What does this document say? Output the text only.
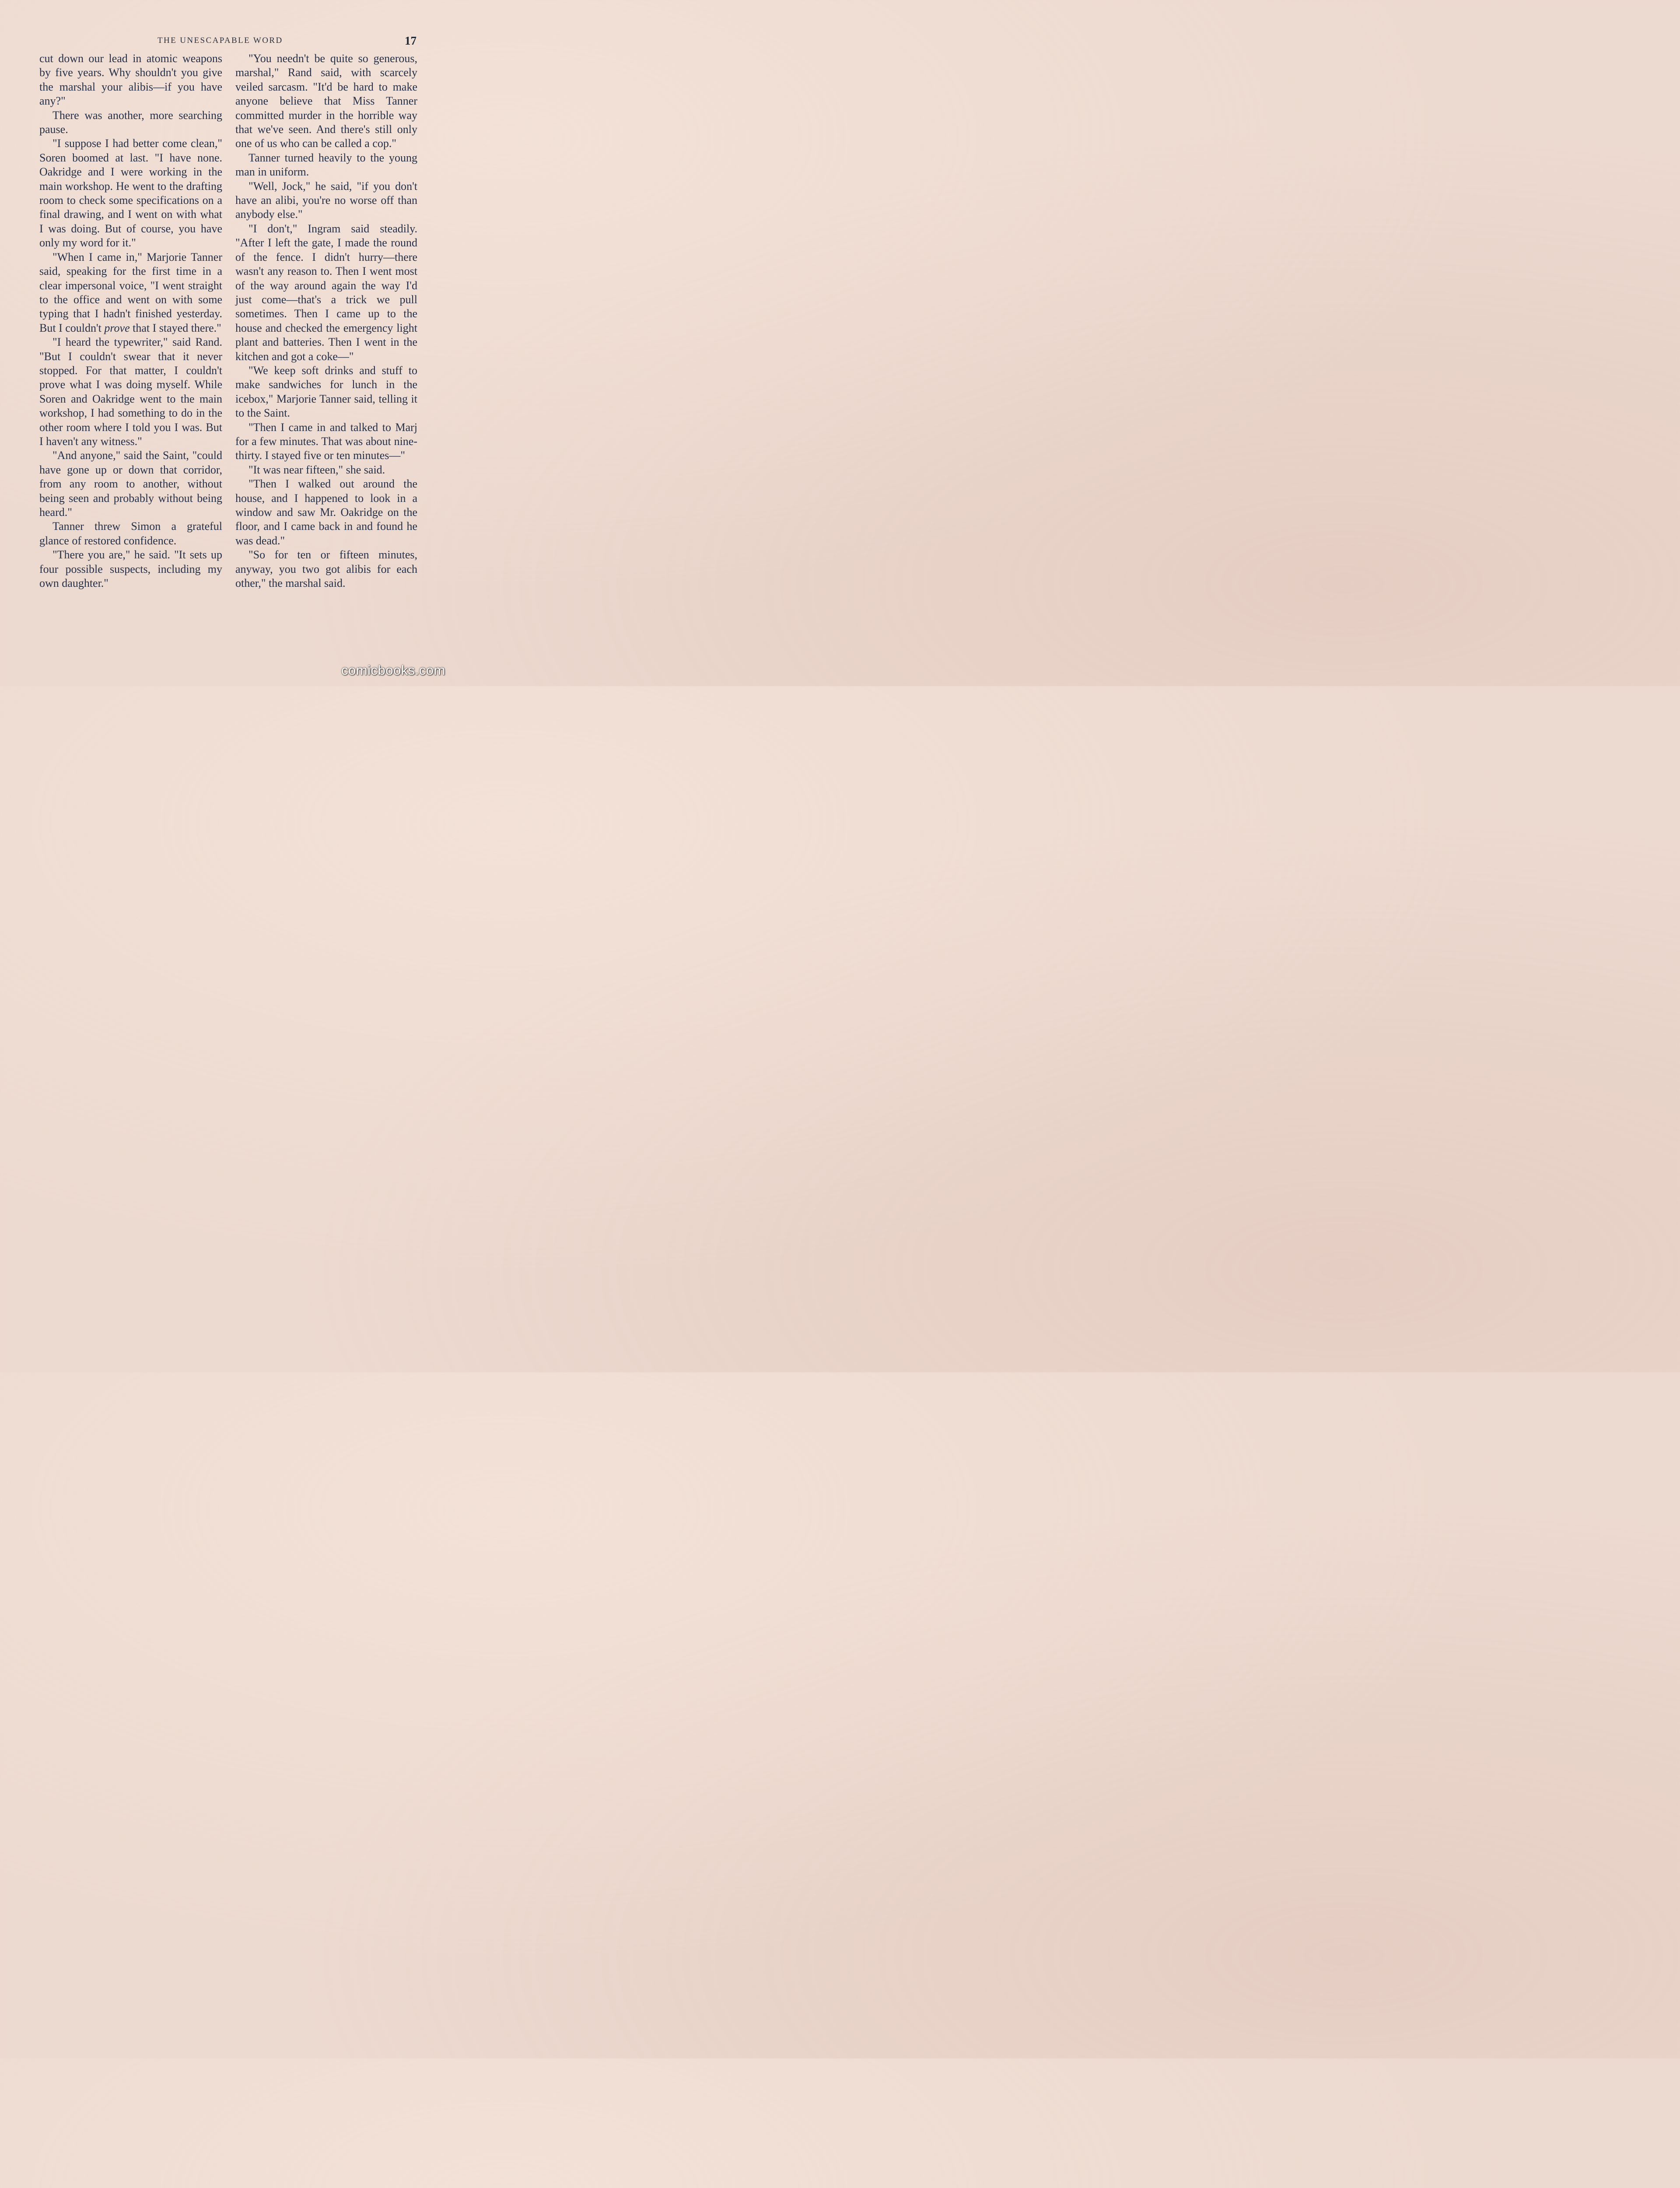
THE UNESCAPABLE WORD	17

cut down our lead in atomic weapons by five years. Why shouldn't you give the marshal your alibis—if you have any?"

There was another, more searching pause.

"I suppose I had better come clean," Soren boomed at last. "I have none. Oakridge and I were working in the main workshop. He went to the drafting room to check some specifications on a final drawing, and I went on with what I was doing. But of course, you have only my word for it."

"When I came in," Marjorie Tanner said, speaking for the first time in a clear impersonal voice, "I went straight to the office and went on with some typing that I hadn't finished yesterday. But I couldn't prove that I stayed there."

"I heard the typewriter," said Rand. "But I couldn't swear that it never stopped. For that matter, I couldn't prove what I was doing myself. While Soren and Oakridge went to the main workshop, I had something to do in the other room where I told you I was. But I haven't any witness."

"And anyone," said the Saint, "could have gone up or down that corridor, from any room to another, without being seen and probably without being heard."

Tanner threw Simon a grateful glance of restored confidence.

"There you are," he said. "It sets up four possible suspects, including my own daughter."

"You needn't be quite so generous, marshal," Rand said, with scarcely veiled sarcasm. "It'd be hard to make anyone believe that Miss Tanner committed murder in the horrible way that we've seen. And there's still only one of us who can be called a cop."

Tanner turned heavily to the young man in uniform.

"Well, Jock," he said, "if you don't have an alibi, you're no worse off than anybody else."

"I don't," Ingram said steadily. "After I left the gate, I made the round of the fence. I didn't hurry—there wasn't any reason to. Then I went most of the way around again the way I'd just come—that's a trick we pull sometimes. Then I came up to the house and checked the emergency light plant and batteries. Then I went in the kitchen and got a coke—"

"We keep soft drinks and stuff to make sandwiches for lunch in the icebox," Marjorie Tanner said, telling it to the Saint.

"Then I came in and talked to Marj for a few minutes. That was about nine-thirty. I stayed five or ten minutes—"

"It was near fifteen," she said.

"Then I walked out around the house, and I happened to look in a window and saw Mr. Oakridge on the floor, and I came back in and found he was dead."

"So for ten or fifteen minutes, anyway, you two got alibis for each other," the marshal said.

comicbooks.com
